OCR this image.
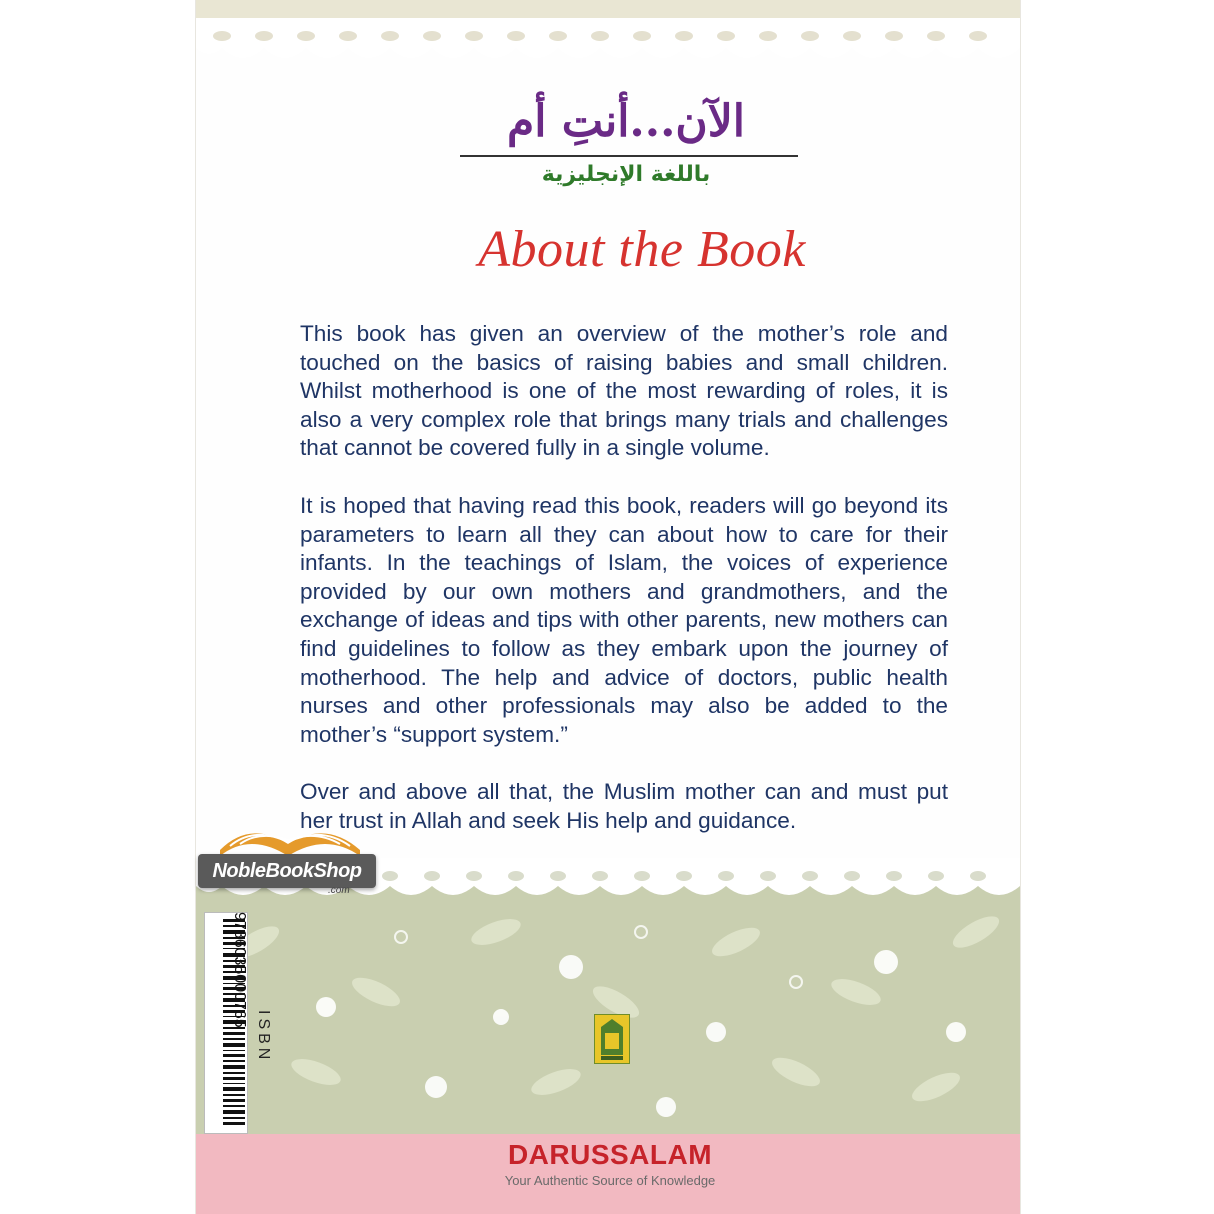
الآن...أنتِ أم
باللغة الإنجليزية
About the Book

This book has given an overview of the mother’s role and touched on the basics of raising babies and small children. Whilst motherhood is one of the most rewarding of roles, it is also a very complex role that brings many trials and challenges that cannot be covered fully in a single volume.

It is hoped that having read this book, readers will go beyond its parameters to learn all they can about how to care for their infants. In the teachings of Islam, the voices of experience provided by our own mothers and grandmothers, and the exchange of ideas and tips with other parents, new mothers can find guidelines to follow as they embark upon the journey of motherhood. The help and advice of doctors, public health nurses and other professionals may also be added to the mother’s “support system.”

Over and above all that, the Muslim mother can and must put her trust in Allah and seek His help and guidance.

9786035000765
ISBN
DARUSSALAM
Your Authentic Source of Knowledge
NobleBookShop
.com
